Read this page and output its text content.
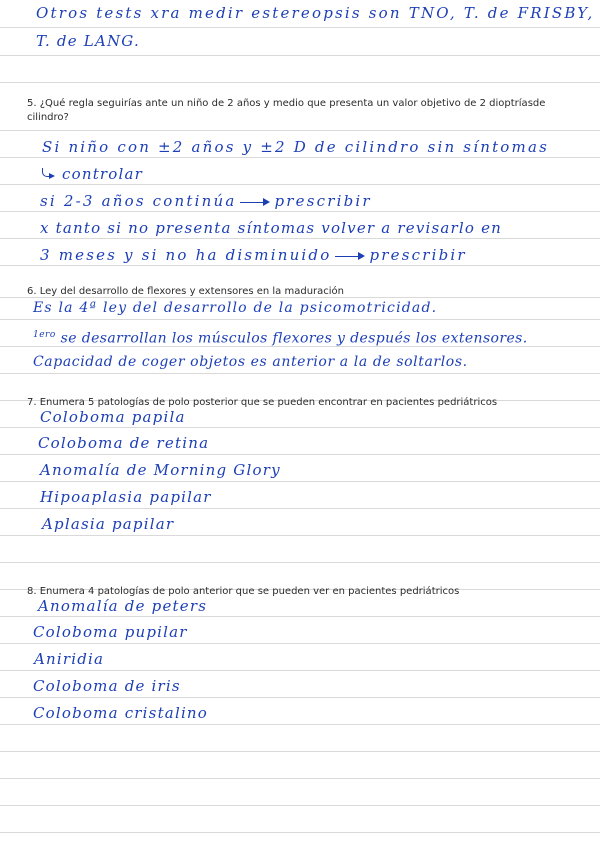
Otros tests xra medir estereopsis son TNO, T. de FRISBY,

T. de LANG.

5. ¿Qué regla seguirías ante un niño de 2 años y medio que presenta un valor objetivo de 2 dioptríasde cilindro?

Si niño con ±2 años y ±2 D de cilindro sin síntomas

controlar

si 2-3 años continúa	prescribir

x tanto si no presenta síntomas volver a revisarlo en

3 meses y si no ha disminuido	prescribir

6. Ley del desarrollo de flexores y extensores en la maduración

Es la 4ª ley del desarrollo de la psicomotricidad.

$^{1ero}$ se desarrollan los músculos flexores y después los extensores.

Capacidad de coger objetos es anterior a la de soltarlos.

7. Enumera 5 patologías de polo posterior que se pueden encontrar en pacientes pedriátricos

Coloboma papila

Coloboma de retina

Anomalía de Morning Glory

Hipoaplasia papilar

Aplasia papilar

8. Enumera 4 patologías de polo anterior que se pueden ver en pacientes pedriátricos

Anomalía de peters

Coloboma pupilar

Aniridia

Coloboma de iris

Coloboma cristalino
